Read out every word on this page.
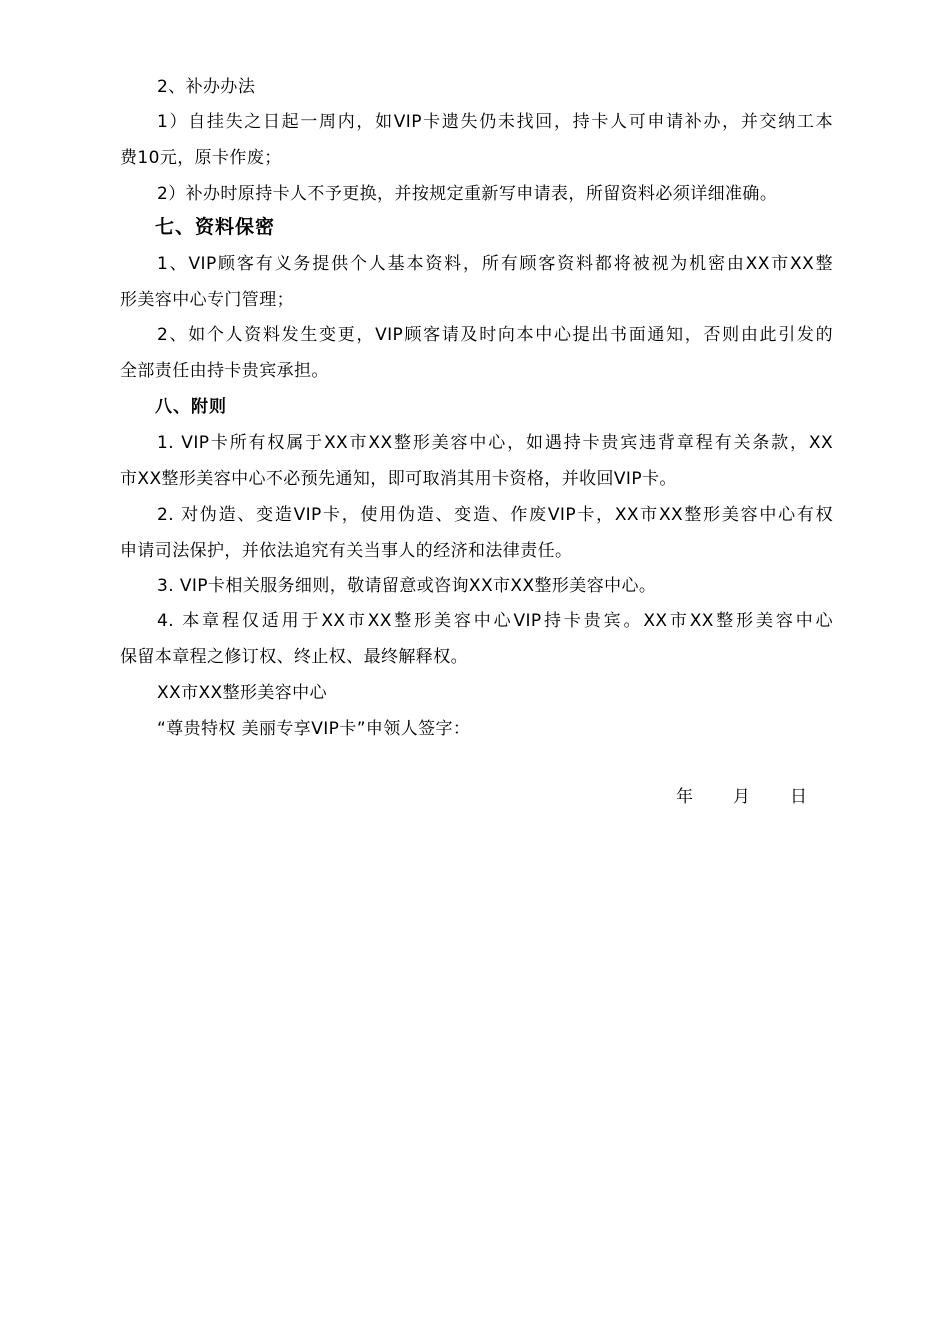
2、补办办法
1）自挂失之日起一周内，如VIP卡遗失仍未找回，持卡人可申请补办，并交纳工本
费10元，原卡作废；
2）补办时原持卡人不予更换，并按规定重新写申请表，所留资料必须详细准确。
七、资料保密
1、VIP顾客有义务提供个人基本资料，所有顾客资料都将被视为机密由XX市XX整
形美容中心专门管理；
2、如个人资料发生变更，VIP顾客请及时向本中心提出书面通知，否则由此引发的
全部责任由持卡贵宾承担。
八、附则
1. VIP卡所有权属于XX市XX整形美容中心，如遇持卡贵宾违背章程有关条款，XX
市XX整形美容中心不必预先通知，即可取消其用卡资格，并收回VIP卡。
2. 对伪造、变造VIP卡，使用伪造、变造、作废VIP卡，XX市XX整形美容中心有权
申请司法保护，并依法追究有关当事人的经济和法律责任。
3. VIP卡相关服务细则，敬请留意或咨询XX市XX整形美容中心。
4. 本章程仅适用于XX市XX整形美容中心VIP持卡贵宾。XX市XX整形美容中心
保留本章程之修订权、终止权、最终解释权。
XX市XX整形美容中心
“尊贵特权 美丽专享VIP卡”申领人签字：
年 月 日
